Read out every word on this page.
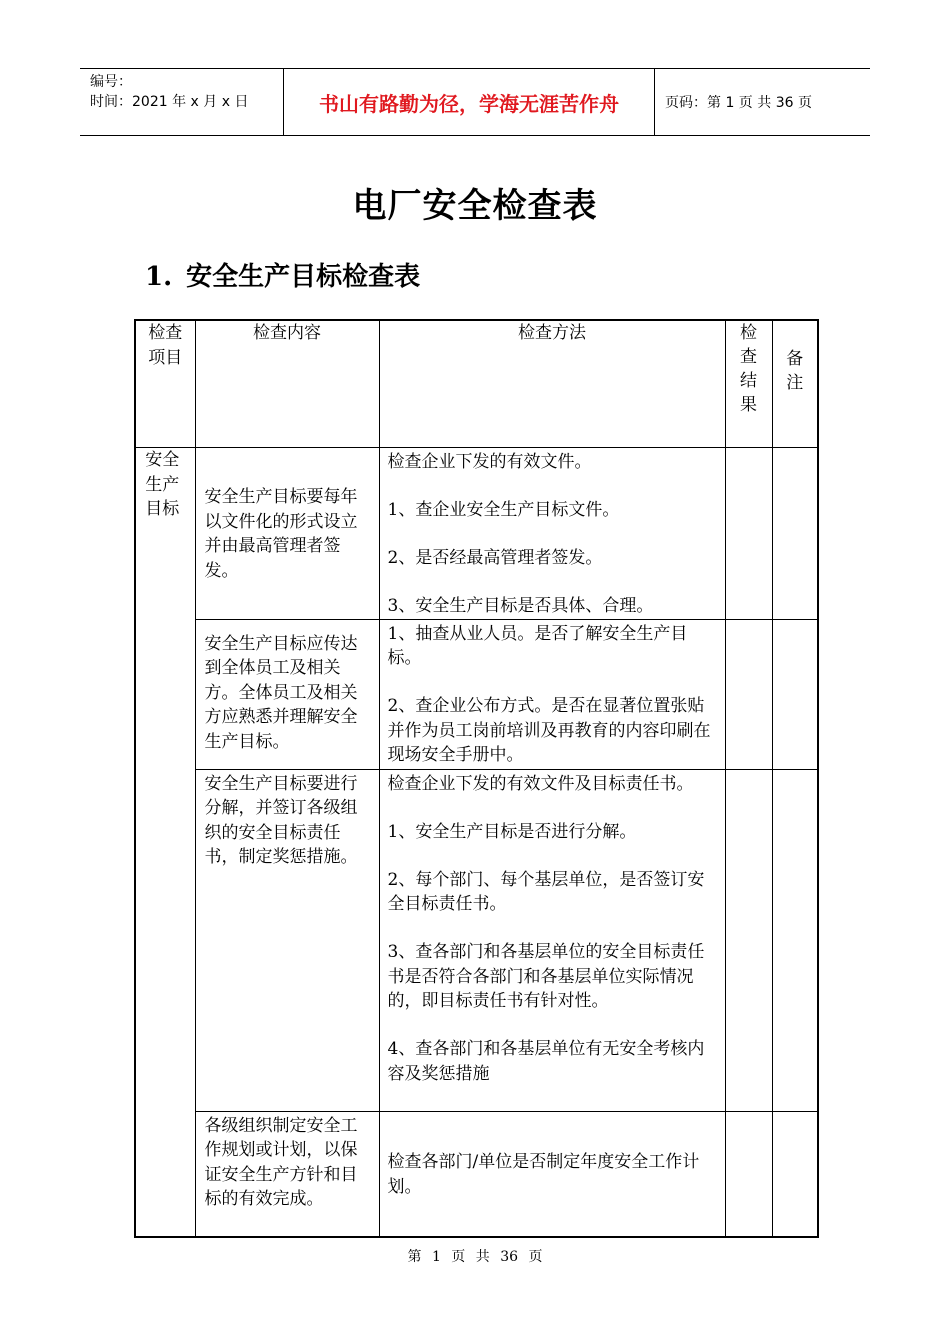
编号：
时间：2021 年 x 月 x 日	书山有路勤为径，学海无涯苦作舟	页码：第 1 页 共 36 页
电厂安全检查表
1. 安全生产目标检查表
检查项目	检查内容	检查方法	检查结果	备注

安全生产目标	安全生产目标要每年以文件化的形式设立并由最高管理者签发。	检查企业下发的有效文件。

1、查企业安全生产目标文件。

2、是否经最高管理者签发。

3、安全生产目标是否具体、合理。		

	安全生产目标应传达到全体员工及相关方。全体员工及相关方应熟悉并理解安全生产目标。	1、抽查从业人员。是否了解安全生产目标。

2、查企业公布方式。是否在显著位置张贴并作为员工岗前培训及再教育的内容印刷在现场安全手册中。		

	安全生产目标要进行分解，并签订各级组织的安全目标责任书，制定奖惩措施。	检查企业下发的有效文件及目标责任书。

1、安全生产目标是否进行分解。

2、每个部门、每个基层单位，是否签订安全目标责任书。

3、查各部门和各基层单位的安全目标责任书是否符合各部门和各基层单位实际情况的，即目标责任书有针对性。

4、查各部门和各基层单位有无安全考核内容及奖惩措施		

	各级组织制定安全工作规划或计划，以保证安全生产方针和目标的有效完成。	检查各部门/单位是否制定年度安全工作计划。		

第 1 页 共 36 页
